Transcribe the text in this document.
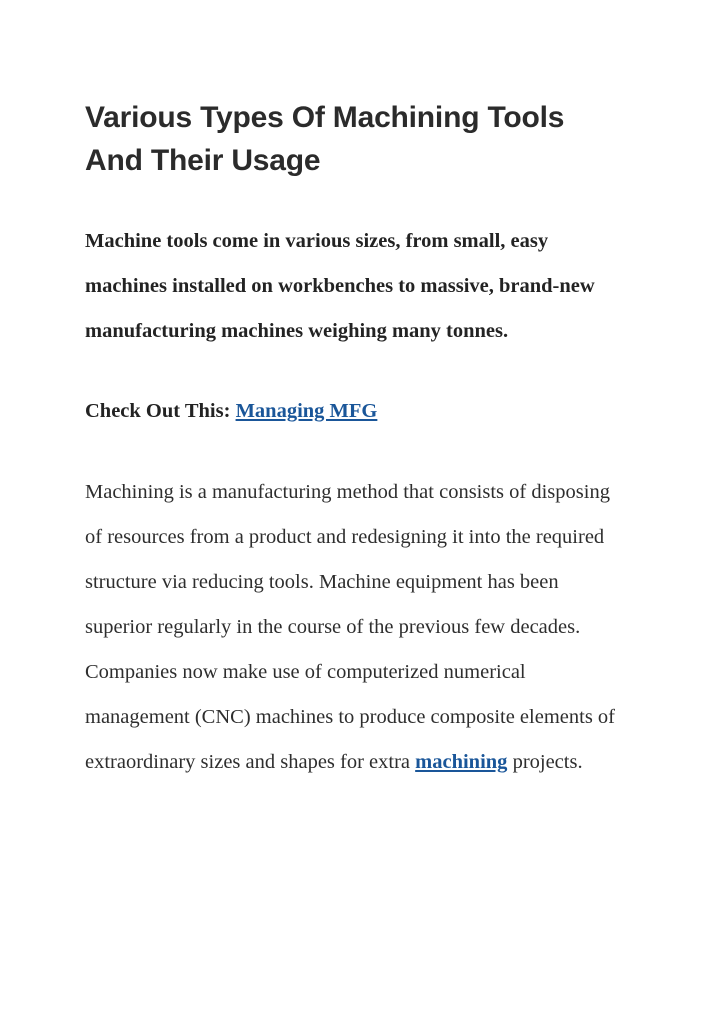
Various Types Of Machining Tools And Their Usage

Machine tools come in various sizes, from small, easy machines installed on workbenches to massive, brand-new manufacturing machines weighing many tonnes.

Check Out This: Managing MFG

Machining is a manufacturing method that consists of disposing of resources from a product and redesigning it into the required structure via reducing tools. Machine equipment has been superior regularly in the course of the previous few decades. Companies now make use of computerized numerical management (CNC) machines to produce composite elements of extraordinary sizes and shapes for extra machining projects.
